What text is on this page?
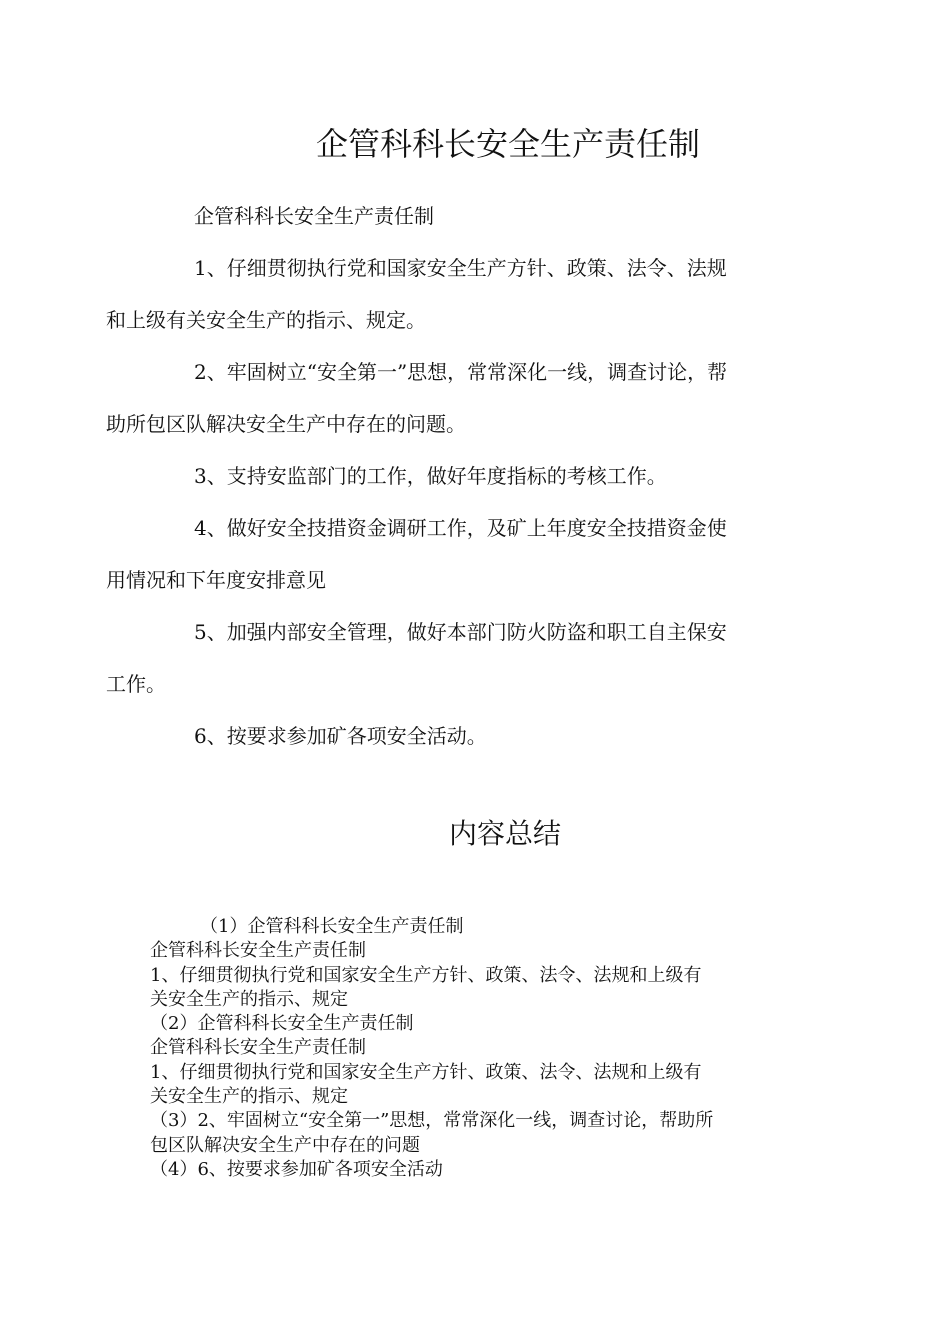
企管科科长安全生产责任制

企管科科长安全生产责任制

1、仔细贯彻执行党和国家安全生产方针、政策、法令、法规
和上级有关安全生产的指示、规定。

2、牢固树立“安全第一”思想，常常深化一线，调查讨论，帮
助所包区队解决安全生产中存在的问题。

3、支持安监部门的工作，做好年度指标的考核工作。

4、做好安全技措资金调研工作，及矿上年度安全技措资金使
用情况和下年度安排意见

5、加强内部安全管理，做好本部门防火防盗和职工自主保安
工作。

6、按要求参加矿各项安全活动。

内容总结
（1）企管科科长安全生产责任制
企管科科长安全生产责任制
1、仔细贯彻执行党和国家安全生产方针、政策、法令、法规和上级有
关安全生产的指示、规定
（2）企管科科长安全生产责任制
企管科科长安全生产责任制
1、仔细贯彻执行党和国家安全生产方针、政策、法令、法规和上级有
关安全生产的指示、规定
（3）2、牢固树立“安全第一”思想，常常深化一线，调查讨论，帮助所
包区队解决安全生产中存在的问题
（4）6、按要求参加矿各项安全活动
